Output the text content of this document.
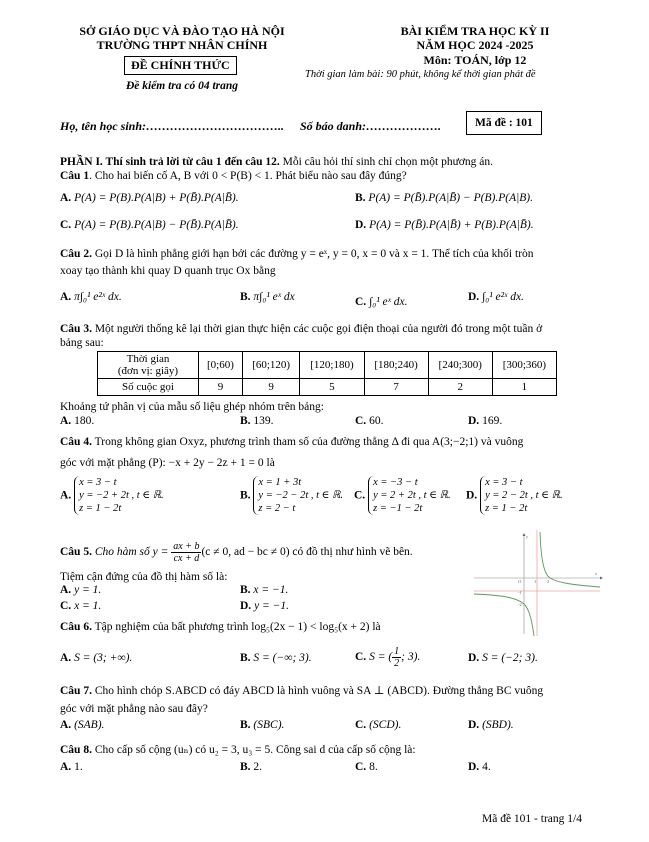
SỞ GIÁO DỤC VÀ ĐÀO TẠO HÀ NỘI
TRƯỜNG THPT NHÂN CHÍNH
ĐỀ CHÍNH THỨC
Đề kiểm tra có 04 trang
BÀI KIỂM TRA HỌC KỲ II
NĂM HỌC 2024 -2025
Môn: TOÁN, lớp 12
Thời gian làm bài: 90 phút, không kể thời gian phát đề
Họ, tên học sinh:…………………………….. Số báo danh:……………….	Mã đề : 101
PHẦN I. Thí sinh trả lời từ câu 1 đến câu 12. Mỗi câu hỏi thí sinh chỉ chọn một phương án.
Câu 1. Cho hai biến cố A, B với 0 < P(B) < 1. Phát biểu nào sau đây đúng?
A. P(A) = P(B).P(A|B) + P(B̄).P(A|B̄).	B. P(A) = P(B̄).P(A|B̄) − P(B).P(A|B).
C. P(A) = P(B).P(A|B) − P(B̄).P(A|B̄).	D. P(A) = P(B̄).P(A|B̄) + P(B).P(A|B̄).
Câu 2. Gọi D là hình phẳng giới hạn bởi các đường y = eˣ, y = 0, x = 0 và x = 1. Thể tích của khối tròn
xoay tạo thành khi quay D quanh trục Ox bằng
A. π∫₀¹ e²ˣ dx.	B. π∫₀¹ eˣ dx	C. ∫₀¹ eˣ dx.	D. ∫₀¹ e²ˣ dx.
Câu 3. Một người thống kê lại thời gian thực hiện các cuộc gọi điện thoại của người đó trong một tuần ở
bảng sau:
Thời gian
(đơn vị: giây)	[0;60)	[60;120)	[120;180)	[180;240)	[240;300)	[300;360)
Số cuộc gọi	9	9	5	7	2	1
Khoảng tứ phân vị của mẫu số liệu ghép nhóm trên bảng:
A. 180.	B. 139.	C. 60.	D. 169.
Câu 4. Trong không gian Oxyz, phương trình tham số của đường thẳng Δ đi qua A(3;−2;1) và vuông
góc với mặt phẳng (P): −x + 2y − 2z + 1 = 0 là
A.
x = 3 − t
y = −2 + 2t , t ∈ ℝ.
z = 1 − 2t
B.
x = 1 + 3t
y = −2 − 2t , t ∈ ℝ.
z = 2 − t
C.
x = −3 − t
y = 2 + 2t , t ∈ ℝ.
z = −1 − 2t
D.
x = 3 − t
y = 2 − 2t , t ∈ ℝ.
z = 1 − 2t
Câu 5. Cho hàm số $y = \frac{ax + b}{cx + d} (c \ne 0$, ad − bc ≠ 0) có đồ thị như hình vẽ bên.
Tiệm cận đứng của đồ thị hàm số là:
A. y = 1.	B. x = −1.
C. x = 1.	D. y = −1.
x
y
O	1 2
-1
-2
Câu 6. Tập nghiệm của bất phương trình log₅(2x − 1) < log₅(x + 2) là
A. S = (3; +∞).	B. S = (−∞; 3).	C. S = ( $\frac{1}{2}$ ; 3).	D. S = (−2; 3).
Câu 7. Cho hình chóp S.ABCD có đáy ABCD là hình vuông và SA ⊥ (ABCD). Đường thẳng BC vuông
góc với mặt phẳng nào sau đây?
A. (SAB).	B. (SBC).	C. (SCD).	D. (SBD).
Câu 8. Cho cấp số cộng (uₙ) có u₂ = 3, u₃ = 5. Công sai d của cấp số cộng là:
A. 1.	B. 2.	C. 8.	D. 4.
Mã đề 101 - trang 1/4
